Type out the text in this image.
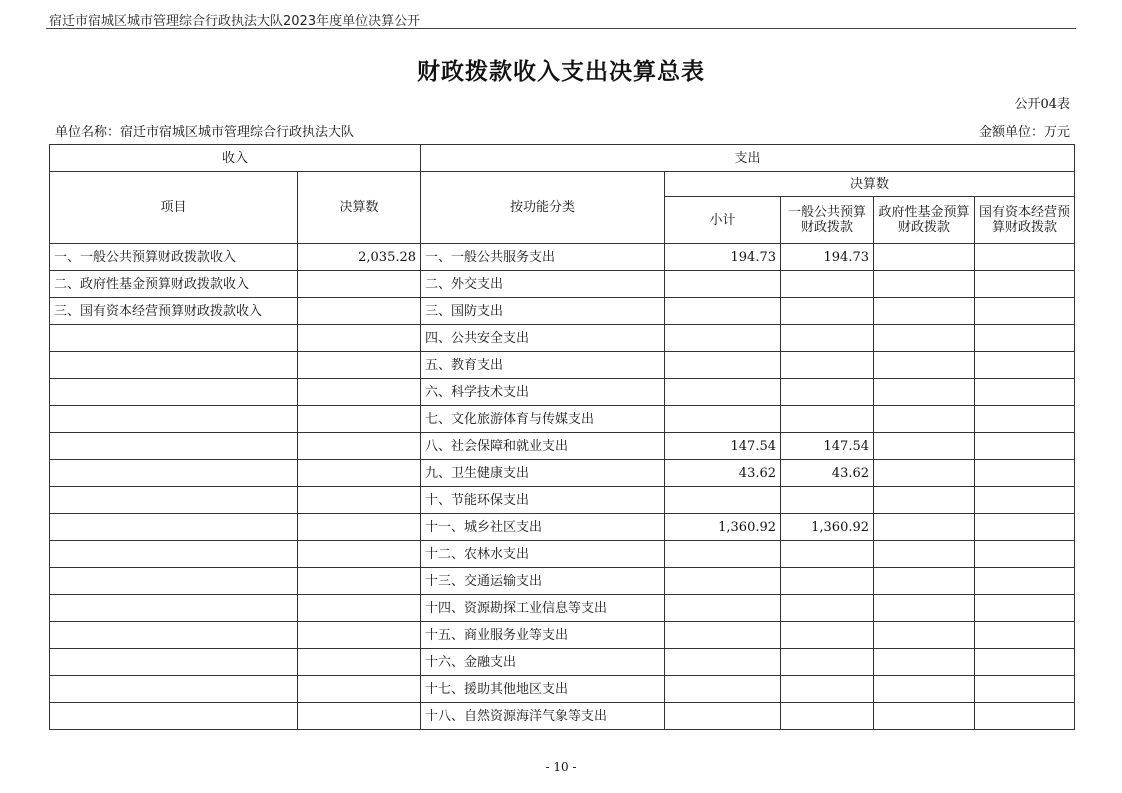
宿迁市宿城区城市管理综合行政执法大队2023年度单位决算公开
财政拨款收入支出决算总表
公开04表
单位名称：宿迁市宿城区城市管理综合行政执法大队	金额单位：万元
收入		支出				
项目	决算数	按功能分类	决算数			
			小计	一般公共预算财政拨款	政府性基金预算财政拨款	国有资本经营预算财政拨款
一、一般公共预算财政拨款收入	2,035.28	一、一般公共服务支出	194.73	194.73		
二、政府性基金预算财政拨款收入		二、外交支出				
三、国有资本经营预算财政拨款收入		三、国防支出				
		四、公共安全支出				
		五、教育支出				
		六、科学技术支出				
		七、文化旅游体育与传媒支出				
		八、社会保障和就业支出	147.54	147.54		
		九、卫生健康支出	43.62	43.62		
		十、节能环保支出				
		十一、城乡社区支出	1,360.92	1,360.92		
		十二、农林水支出				
		十三、交通运输支出				
		十四、资源勘探工业信息等支出				
		十五、商业服务业等支出				
		十六、金融支出				
		十七、援助其他地区支出				
		十八、自然资源海洋气象等支出				
- 10 -
